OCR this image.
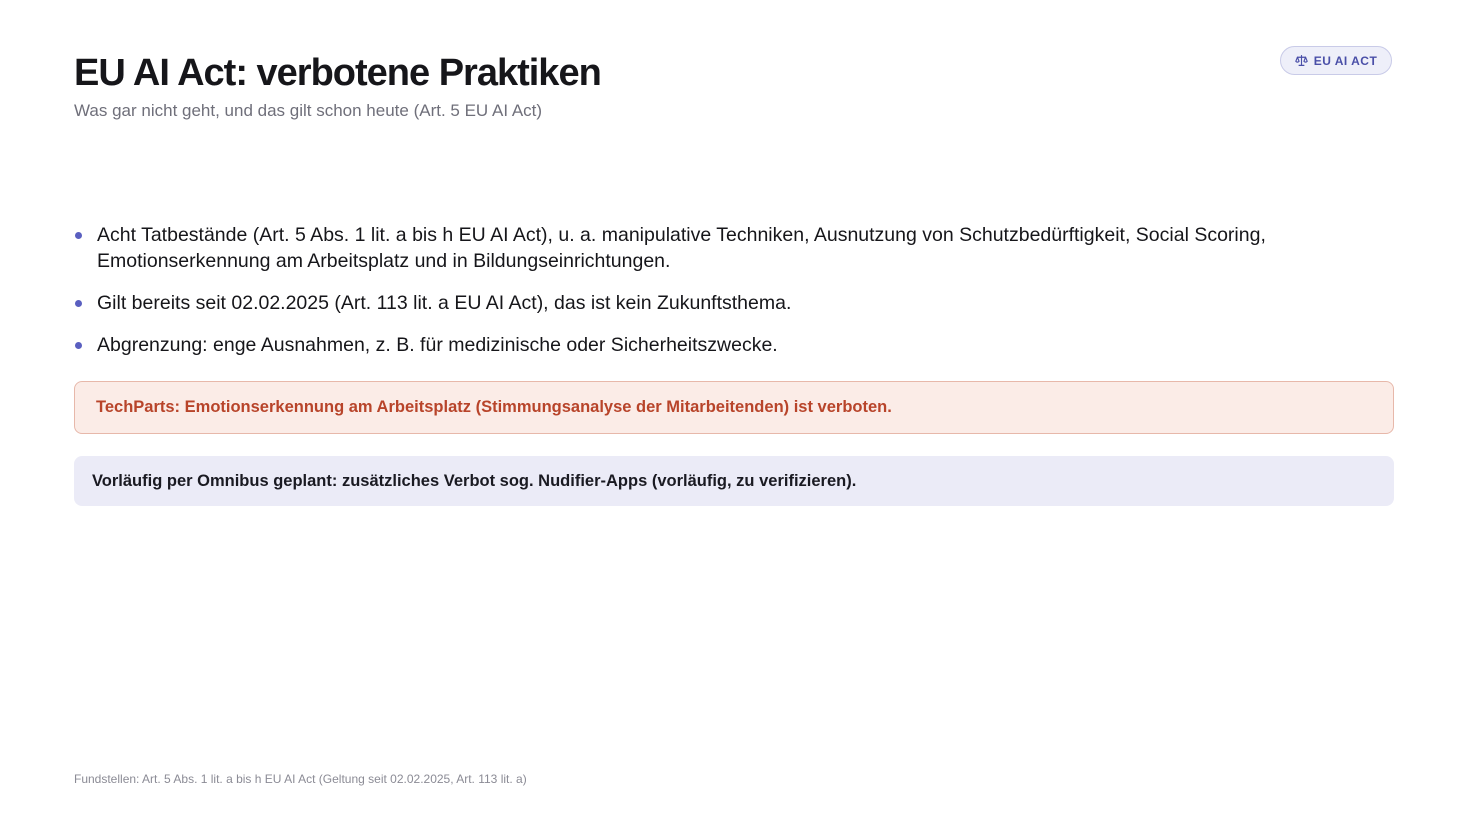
EU AI Act: verbotene Praktiken

Was gar nicht geht, und das gilt schon heute (Art. 5 EU AI Act)

EU AI ACT
Acht Tatbestände (Art. 5 Abs. 1 lit. a bis h EU AI Act), u. a. manipulative Techniken, Ausnutzung von Schutzbedürftigkeit, Social Scoring, Emotionserkennung am Arbeitsplatz und in Bildungseinrichtungen.
Gilt bereits seit 02.02.2025 (Art. 113 lit. a EU AI Act), das ist kein Zukunftsthema.
Abgrenzung: enge Ausnahmen, z. B. für medizinische oder Sicherheitszwecke.
TechParts: Emotionserkennung am Arbeitsplatz (Stimmungsanalyse der Mitarbeitenden) ist verboten.
Vorläufig per Omnibus geplant: zusätzliches Verbot sog. Nudifier-Apps (vorläufig, zu verifizieren).

Fundstellen: Art. 5 Abs. 1 lit. a bis h EU AI Act (Geltung seit 02.02.2025, Art. 113 lit. a)
